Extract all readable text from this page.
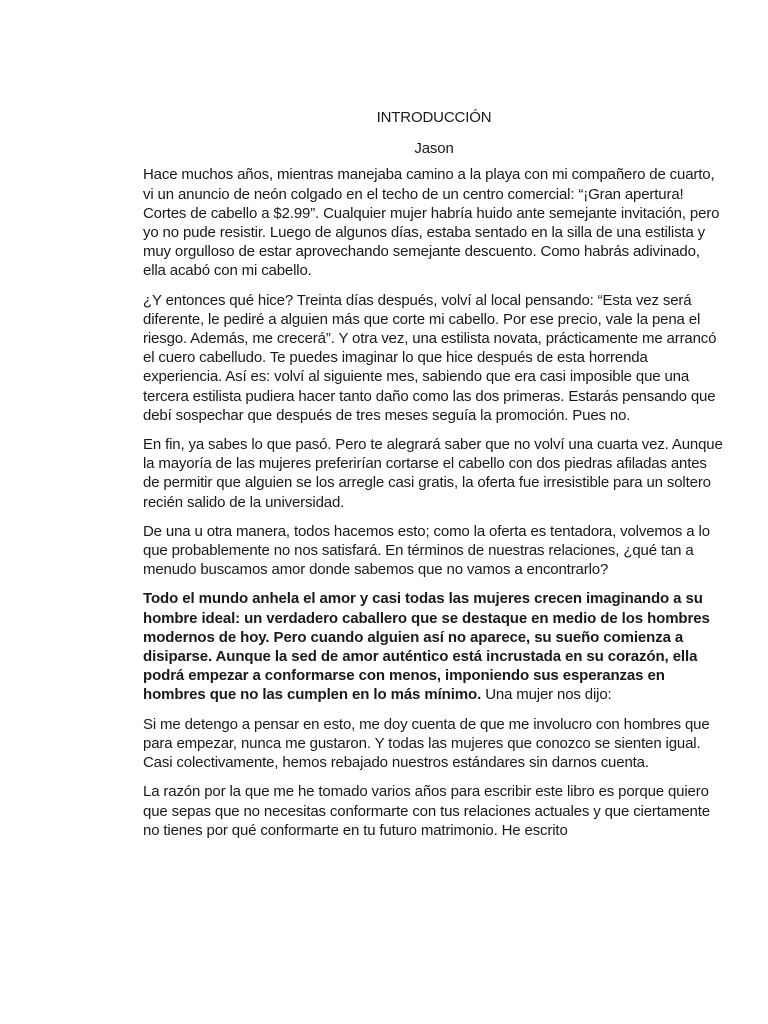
INTRODUCCIÓN

Jason

Hace muchos años, mientras manejaba camino a la playa con mi compañero de cuarto, vi un anuncio de neón colgado en el techo de un centro comercial: “¡Gran apertura! Cortes de cabello a $2.99”. Cualquier mujer habría huido ante semejante invitación, pero yo no pude resistir. Luego de algunos días, estaba sentado en la silla de una estilista y muy orgulloso de estar aprovechando semejante descuento. Como habrás adivinado, ella acabó con mi cabello.

¿Y entonces qué hice? Treinta días después, volví al local pensando: “Esta vez será diferente, le pediré a alguien más que corte mi cabello. Por ese precio, vale la pena el riesgo. Además, me crecerá”. Y otra vez, una estilista novata, prácticamente me arrancó el cuero cabelludo. Te puedes imaginar lo que hice después de esta horrenda experiencia. Así es: volví al siguiente mes, sabiendo que era casi imposible que una tercera estilista pudiera hacer tanto daño como las dos primeras. Estarás pensando que debí sospechar que después de tres meses seguía la promoción. Pues no.

En fin, ya sabes lo que pasó. Pero te alegrará saber que no volví una cuarta vez. Aunque la mayoría de las mujeres preferirían cortarse el cabello con dos piedras afiladas antes de permitir que alguien se los arregle casi gratis, la oferta fue irresistible para un soltero recién salido de la universidad.

De una u otra manera, todos hacemos esto; como la oferta es tentadora, volvemos a lo que probablemente no nos satisfará. En términos de nuestras relaciones, ¿qué tan a menudo buscamos amor donde sabemos que no vamos a encontrarlo?

Todo el mundo anhela el amor y casi todas las mujeres crecen imaginando a su hombre ideal: un verdadero caballero que se destaque en medio de los hombres modernos de hoy. Pero cuando alguien así no aparece, su sueño comienza a disiparse. Aunque la sed de amor auténtico está incrustada en su corazón, ella podrá empezar a conformarse con menos, imponiendo sus esperanzas en hombres que no las cumplen en lo más mínimo. Una mujer nos dijo:

Si me detengo a pensar en esto, me doy cuenta de que me involucro con hombres que para empezar, nunca me gustaron. Y todas las mujeres que conozco se sienten igual. Casi colectivamente, hemos rebajado nuestros estándares sin darnos cuenta.

La razón por la que me he tomado varios años para escribir este libro es porque quiero que sepas que no necesitas conformarte con tus relaciones actuales y que ciertamente no tienes por qué conformarte en tu futuro matrimonio. He escrito
